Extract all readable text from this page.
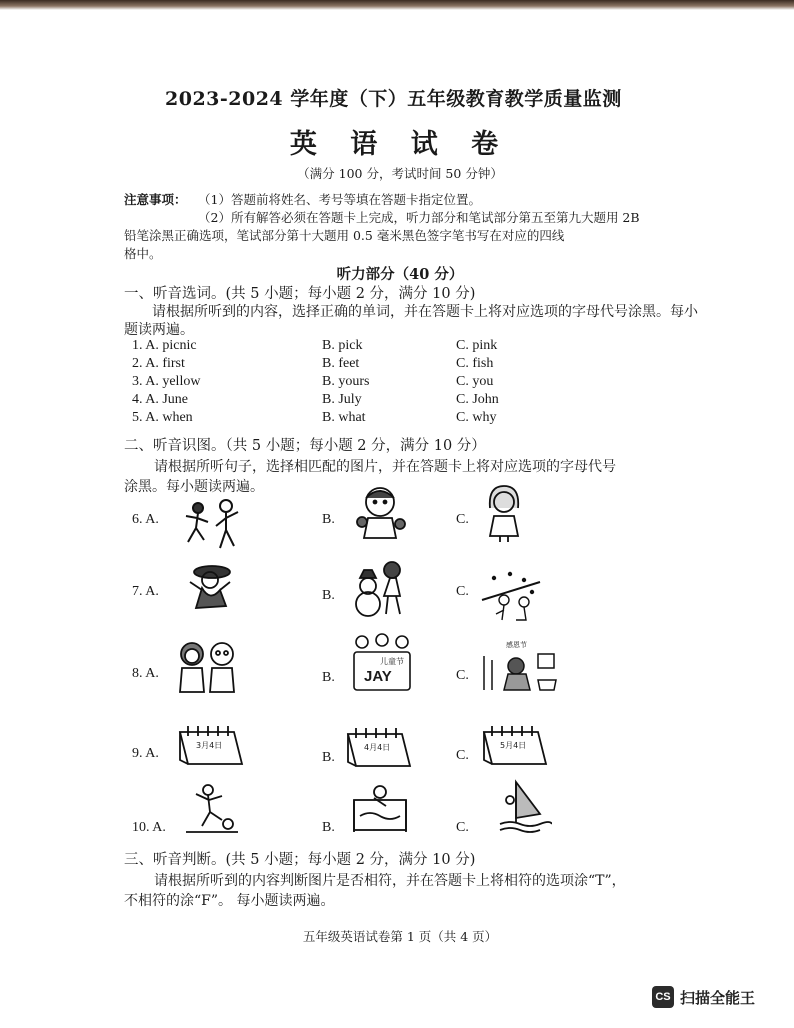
2023-2024 学年度（下）五年级教育教学质量监测
英 语 试 卷
（满分 100 分，考试时间 50 分钟）
注意事项： （1）答题前将姓名、考号等填在答题卡指定位置。
（2）所有解答必须在答题卡上完成，听力部分和笔试部分第五至第九大题用 2B
铅笔涂黑正确选项，笔试部分第十大题用 0.5 毫米黑色签字笔书写在对应的四线
格中。
听力部分（40 分）
一、听音选词。(共 5 小题；每小题 2 分，满分 10 分)
请根据所听到的内容，选择正确的单词，并在答题卡上将对应选项的字母代号涂黑。每小
题读两遍。
1. A. picnic	B. pick	C. pink
2. A. first	B. feet	C. fish
3. A. yellow	B. yours	C. you
4. A. June	B. July	C. John
5. A. when	B. what	C. why
二、听音识图。（共 5 小题；每小题 2 分，满分 10 分）
请根据所听句子，选择相匹配的图片，并在答题卡上将对应选项的字母代号
涂黑。每小题读两遍。
6. A.	B.	C.
7. A.	B.	C.
8. A.	B.	C.
儿童节
JAY
感恩节
9. A.	B.	C.
3月4日	4月4日	5月4日
10. A.	B.	C.
三、听音判断。(共 5 小题；每小题 2 分，满分 10 分)
请根据所听到的内容判断图片是否相符，并在答题卡上将相符的选项涂“T”，
不相符的涂“F”。 每小题读两遍。
五年级英语试卷第 1 页（共 4 页）
CS 扫描全能王
